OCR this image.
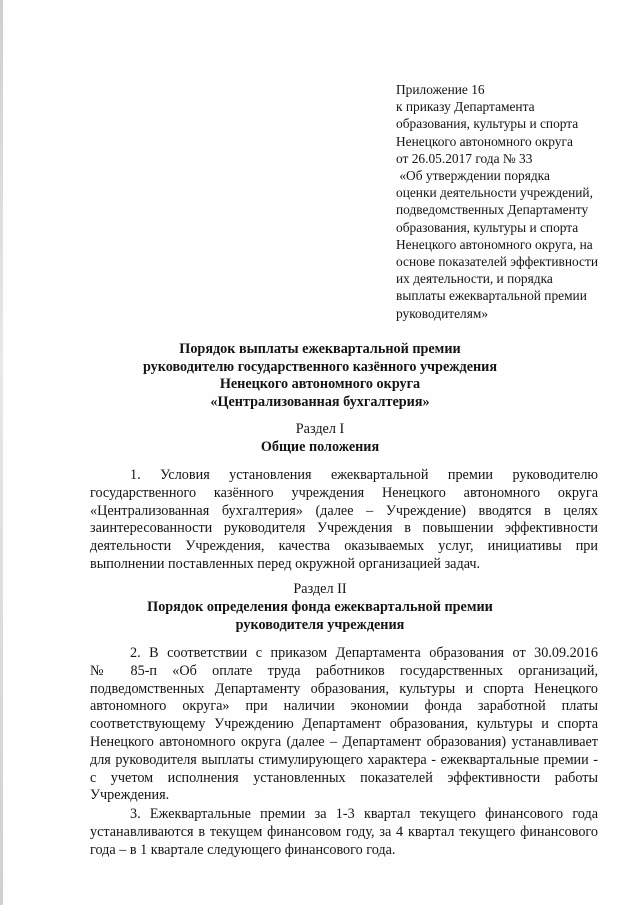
Приложение 16
к приказу Департамента
образования, культуры и спорта
Ненецкого автономного округа
от 26.05.2017 года № 33
«Об утверждении порядка
оценки деятельности учреждений,
подведомственных Департаменту
образования, культуры и спорта
Ненецкого автономного округа, на
основе показателей эффективности
их деятельности, и порядка
выплаты ежеквартальной премии
руководителям»
Порядок выплаты ежеквартальной премии
руководителю государственного казённого учреждения
Ненецкого автономного округа
«Централизованная бухгалтерия»
Раздел I
Общие положения
1. Условия установления ежеквартальной премии руководителю
государственного казённого учреждения Ненецкого автономного округа
«Централизованная бухгалтерия» (далее – Учреждение) вводятся в целях
заинтересованности руководителя Учреждения в повышении эффективности
деятельности Учреждения, качества оказываемых услуг, инициативы при
выполнении поставленных перед окружной организацией задач.
Раздел II
Порядок определения фонда ежеквартальной премии
руководителя учреждения
2. В соответствии с приказом Департамента образования от 30.09.2016
№ 85-п «Об оплате труда работников государственных организаций,
подведомственных Департаменту образования, культуры и спорта Ненецкого
автономного округа» при наличии экономии фонда заработной платы
соответствующему Учреждению Департамент образования, культуры и спорта
Ненецкого автономного округа (далее – Департамент образования) устанавливает
для руководителя выплаты стимулирующего характера - ежеквартальные премии -
с учетом исполнения установленных показателей эффективности работы
Учреждения.
3. Ежеквартальные премии за 1-3 квартал текущего финансового года
устанавливаются в текущем финансовом году, за 4 квартал текущего финансового
года – в 1 квартале следующего финансового года.
